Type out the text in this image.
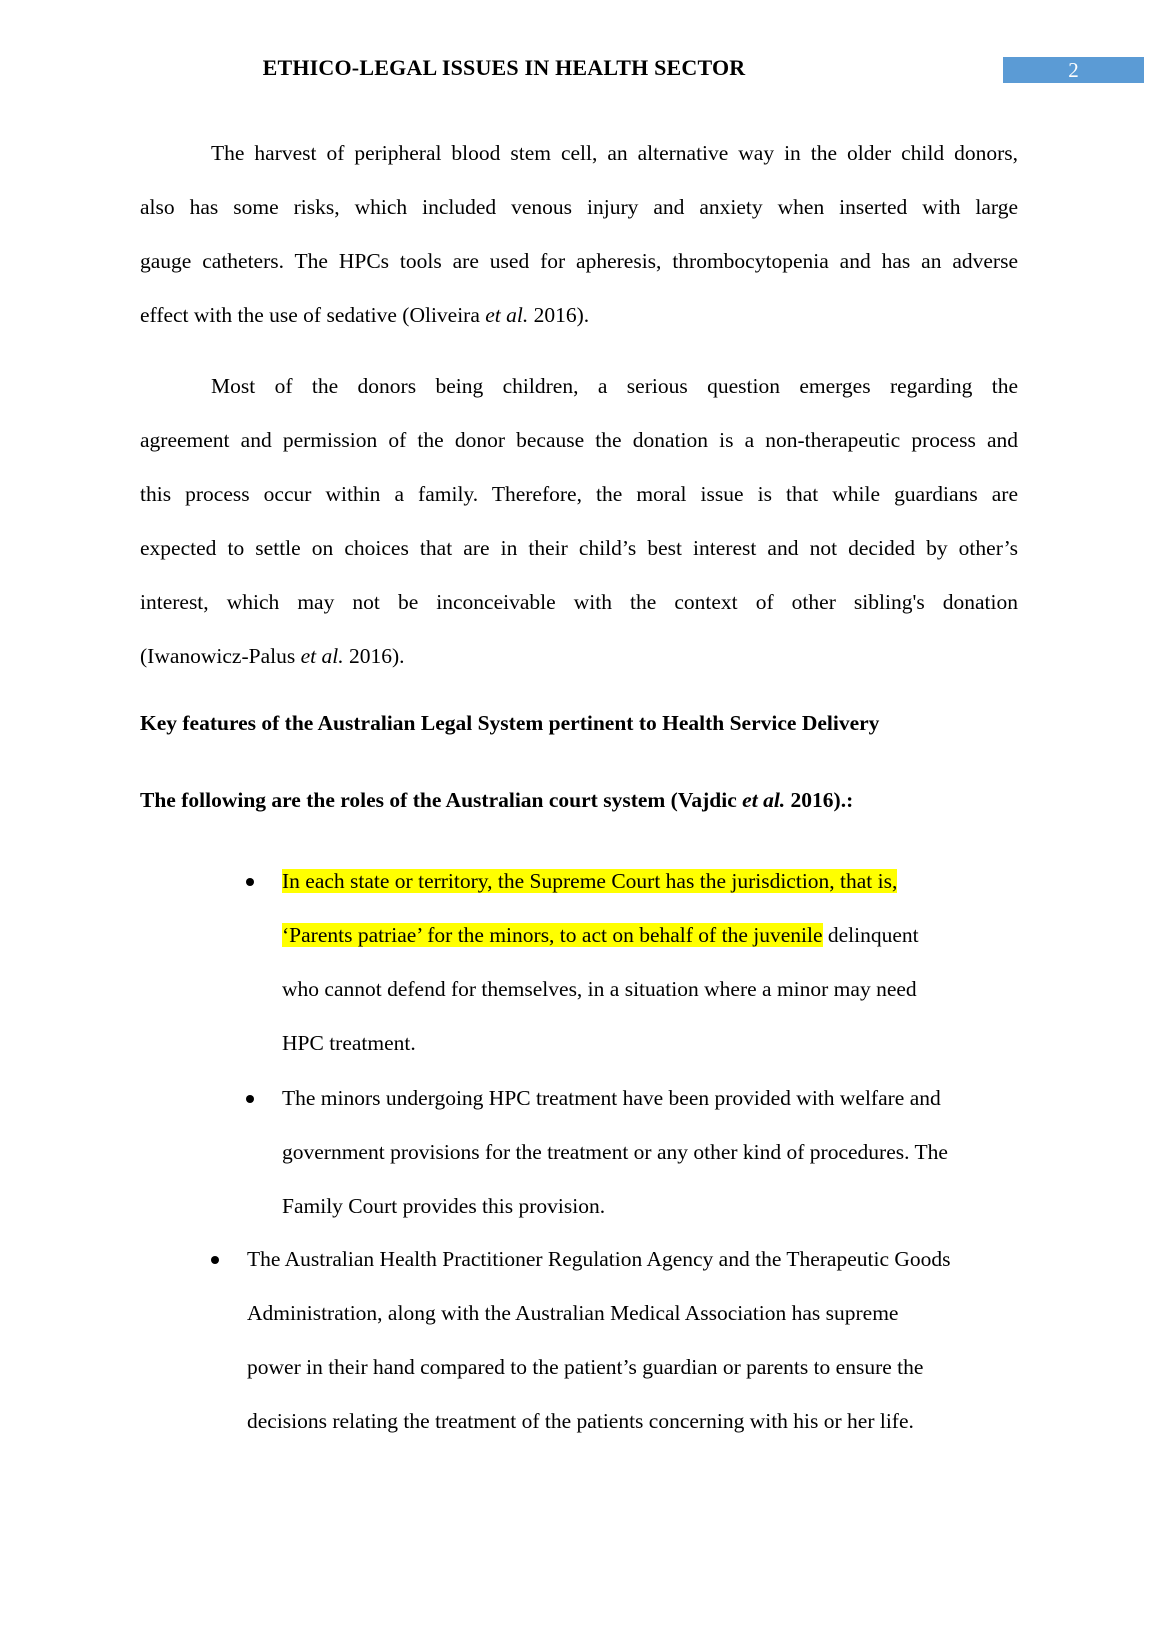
ETHICO-LEGAL ISSUES IN HEALTH SECTOR	2
The harvest of peripheral blood stem cell, an alternative way in the older child donors,
also has some risks, which included venous injury and anxiety when inserted with large
gauge catheters. The HPCs tools are used for apheresis, thrombocytopenia and has an adverse
effect with the use of sedative (Oliveira et al. 2016).
Most of the donors being children, a serious question emerges regarding the
agreement and permission of the donor because the donation is a non-therapeutic process and
this process occur within a family. Therefore, the moral issue is that while guardians are
expected to settle on choices that are in their child’s best interest and not decided by other’s
interest, which may not be inconceivable with the context of other sibling's donation
(Iwanowicz-Palus et al. 2016).
Key features of the Australian Legal System pertinent to Health Service Delivery
The following are the roles of the Australian court system (Vajdic et al. 2016).:
In each state or territory, the Supreme Court has the jurisdiction, that is,
‘Parents patriae’ for the minors, to act on behalf of the juvenile delinquent
who cannot defend for themselves, in a situation where a minor may need
HPC treatment.
The minors undergoing HPC treatment have been provided with welfare and
government provisions for the treatment or any other kind of procedures. The
Family Court provides this provision.
The Australian Health Practitioner Regulation Agency and the Therapeutic Goods
Administration, along with the Australian Medical Association has supreme
power in their hand compared to the patient’s guardian or parents to ensure the
decisions relating the treatment of the patients concerning with his or her life.
